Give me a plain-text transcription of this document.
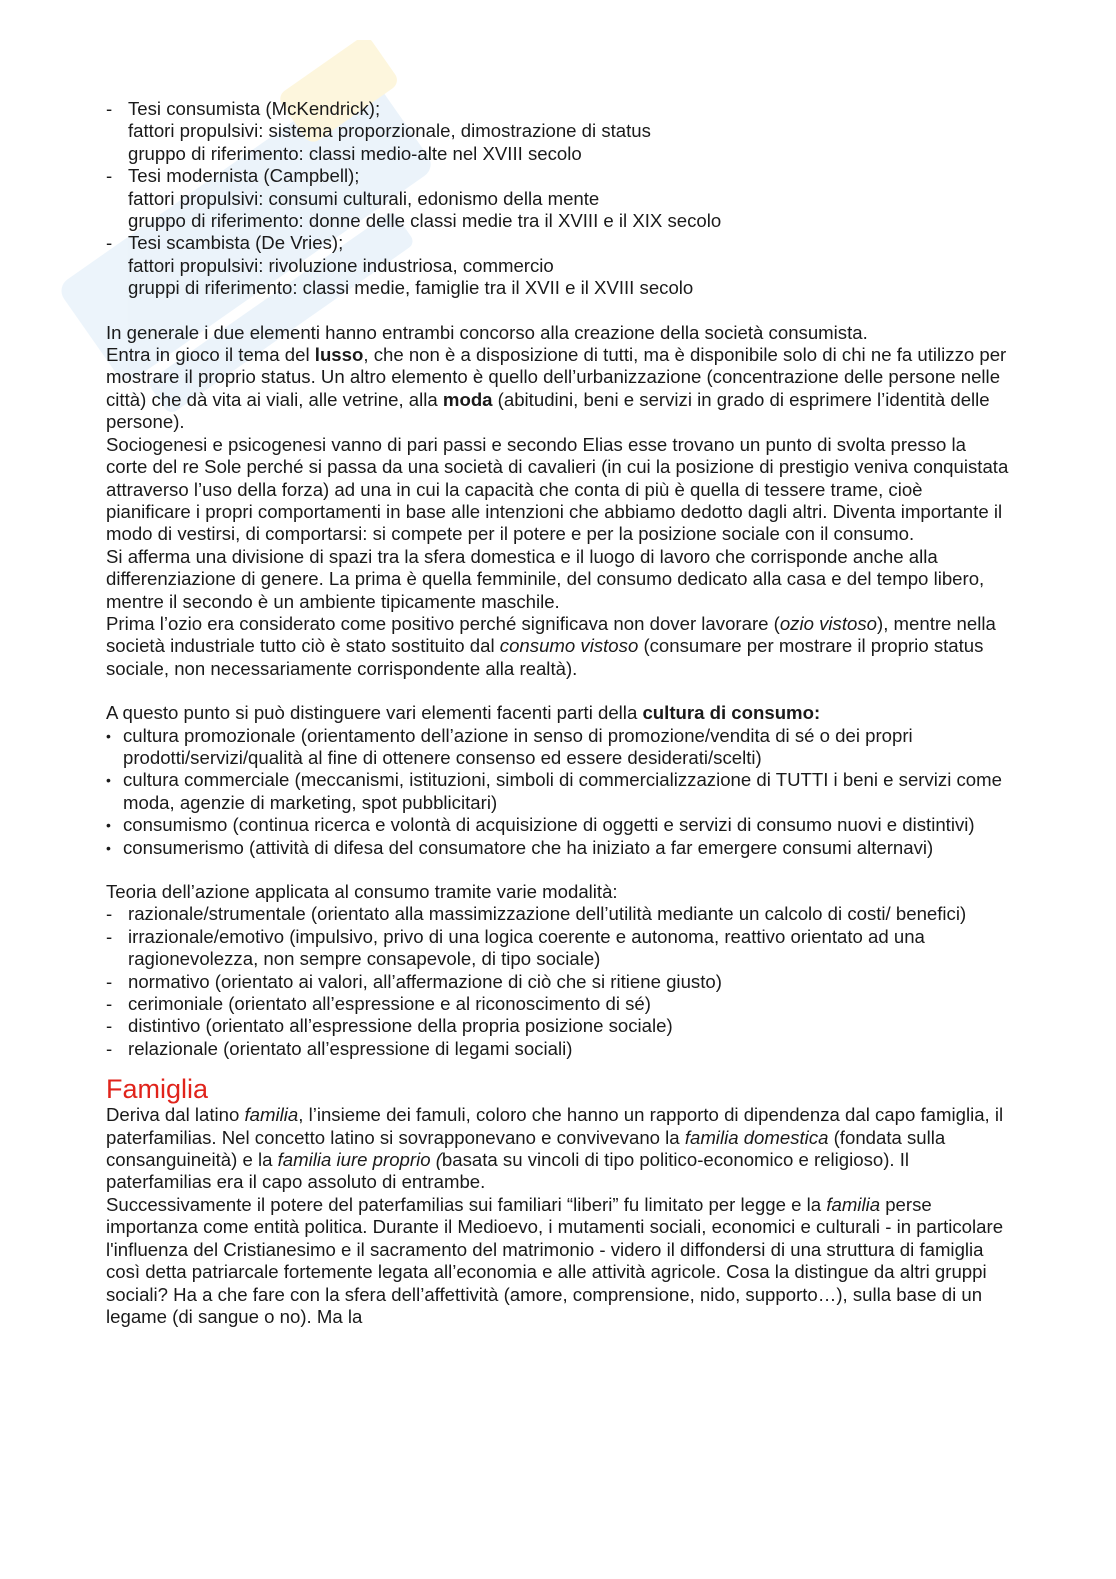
- Tesi consumista (McKendrick);
fattori propulsivi: sistema proporzionale, dimostrazione di status
gruppo di riferimento: classi medio-alte nel XVIII secolo
- Tesi modernista (Campbell);
fattori propulsivi: consumi culturali, edonismo della mente
gruppo di riferimento: donne delle classi medie tra il XVIII e il XIX secolo
- Tesi scambista (De Vries);
fattori propulsivi: rivoluzione industriosa, commercio
gruppi di riferimento: classi medie, famiglie tra il XVII e il XVIII secolo

In generale i due elementi hanno entrambi concorso alla creazione della società consumista.

Entra in gioco il tema del lusso, che non è a disposizione di tutti, ma è disponibile solo di chi ne fa utilizzo per mostrare il proprio status. Un altro elemento è quello dell’urbanizzazione (concentrazione delle persone nelle città) che dà vita ai viali, alle vetrine, alla moda (abitudini, beni e servizi in grado di esprimere l’identità delle persone).

Sociogenesi e psicogenesi vanno di pari passi e secondo Elias esse trovano un punto di svolta presso la corte del re Sole perché si passa da una società di cavalieri (in cui la posizione di prestigio veniva conquistata attraverso l’uso della forza) ad una in cui la capacità che conta di più è quella di tessere trame, cioè pianificare i propri comportamenti in base alle intenzioni che abbiamo dedotto dagli altri. Diventa importante il modo di vestirsi, di comportarsi: si compete per il potere e per la posizione sociale con il consumo.

Si afferma una divisione di spazi tra la sfera domestica e il luogo di lavoro che corrisponde anche alla differenziazione di genere. La prima è quella femminile, del consumo dedicato alla casa e del tempo libero, mentre il secondo è un ambiente tipicamente maschile.

Prima l’ozio era considerato come positivo perché significava non dover lavorare (ozio vistoso), mentre nella società industriale tutto ciò è stato sostituito dal consumo vistoso (consumare per mostrare il proprio status sociale, non necessariamente corrispondente alla realtà).

A questo punto si può distinguere vari elementi facenti parti della cultura di consumo:

• cultura promozionale (orientamento dell’azione in senso di promozione/vendita di sé o dei propri prodotti/servizi/qualità al fine di ottenere consenso ed essere desiderati/scelti)
• cultura commerciale (meccanismi, istituzioni, simboli di commercializzazione di TUTTI i beni e servizi come moda, agenzie di marketing, spot pubblicitari)
• consumismo (continua ricerca e volontà di acquisizione di oggetti e servizi di consumo nuovi e distintivi)
• consumerismo (attività di difesa del consumatore che ha iniziato a far emergere consumi alternavi)

Teoria dell’azione applicata al consumo tramite varie modalità:

- razionale/strumentale (orientato alla massimizzazione dell’utilità mediante un calcolo di costi/ benefici)
- irrazionale/emotivo (impulsivo, privo di una logica coerente e autonoma, reattivo orientato ad una ragionevolezza, non sempre consapevole, di tipo sociale)
- normativo (orientato ai valori, all’affermazione di ciò che si ritiene giusto)
- cerimoniale (orientato all’espressione e al riconoscimento di sé)
- distintivo (orientato all’espressione della propria posizione sociale)
- relazionale (orientato all’espressione di legami sociali)
Famiglia

Deriva dal latino familia, l’insieme dei famuli, coloro che hanno un rapporto di dipendenza dal capo famiglia, il paterfamilias. Nel concetto latino si sovrapponevano e convivevano la familia domestica (fondata sulla consanguineità) e la familia iure proprio (basata su vincoli di tipo politico-economico e religioso). Il paterfamilias era il capo assoluto di entrambe.

Successivamente il potere del paterfamilias sui familiari “liberi” fu limitato per legge e la familia perse importanza come entità politica. Durante il Medioevo, i mutamenti sociali, economici e culturali - in particolare l'influenza del Cristianesimo e il sacramento del matrimonio - videro il diffondersi di una struttura di famiglia così detta patriarcale fortemente legata all’economia e alle attività agricole. Cosa la distingue da altri gruppi sociali? Ha a che fare con la sfera dell’affettività (amore, comprensione, nido, supporto…), sulla base di un legame (di sangue o no). Ma la
